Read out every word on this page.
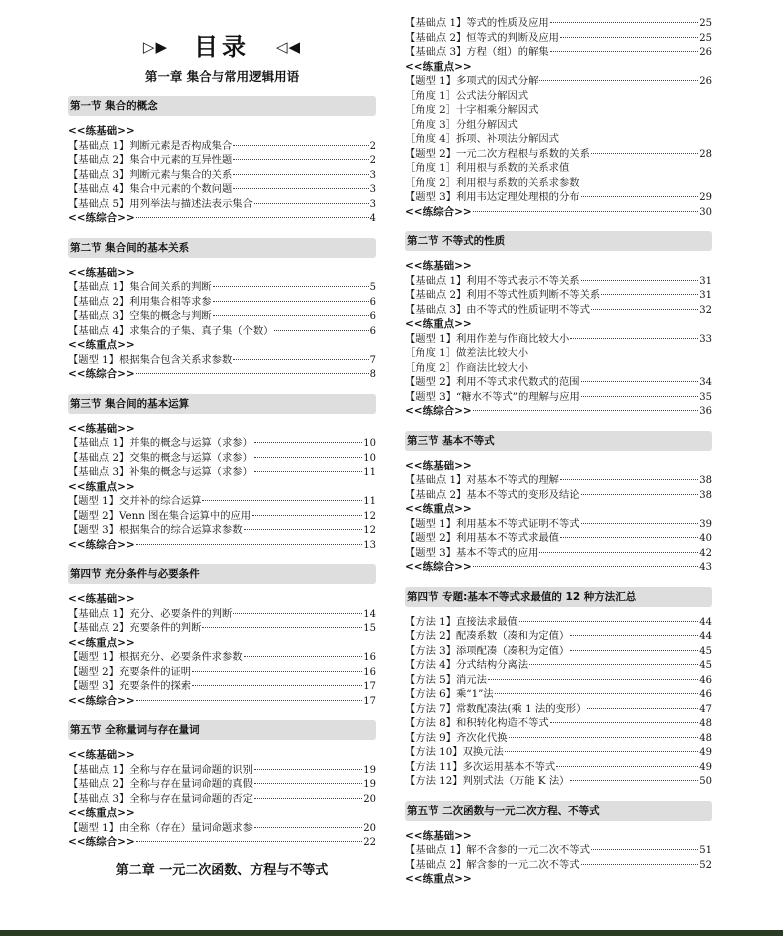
▷▶ 目录 ◁◀
第一章 集合与常用逻辑用语
第一节 集合的概念
<<练基础>>
【基础点 1】判断元素是否构成集合	2
【基础点 2】集合中元素的互异性题	2
【基础点 3】判断元素与集合的关系	3
【基础点 4】集合中元素的个数问题	3
【基础点 5】用列举法与描述法表示集合	3
<<练综合>>	4
第二节 集合间的基本关系
<<练基础>>
【基础点 1】集合间关系的判断	5
【基础点 2】利用集合相等求参	6
【基础点 3】空集的概念与判断	6
【基础点 4】求集合的子集、真子集（个数）	6
<<练重点>>
【题型 1】根据集合包含关系求参数	7
<<练综合>>	8
第三节 集合间的基本运算
<<练基础>>
【基础点 1】并集的概念与运算（求参）	10
【基础点 2】交集的概念与运算（求参）	10
【基础点 3】补集的概念与运算（求参）	11
<<练重点>>
【题型 1】交并补的综合运算	11
【题型 2】Venn 图在集合运算中的应用	12
【题型 3】根据集合的综合运算求参数	12
<<练综合>>	13
第四节 充分条件与必要条件
<<练基础>>
【基础点 1】充分、必要条件的判断	14
【基础点 2】充要条件的判断	15
<<练重点>>
【题型 1】根据充分、必要条件求参数	16
【题型 2】充要条件的证明	16
【题型 3】充要条件的探索	17
<<练综合>>	17
第五节 全称量词与存在量词
<<练基础>>
【基础点 1】全称与存在量词命题的识别	19
【基础点 2】全称与存在量词命题的真假	19
【基础点 3】全称与存在量词命题的否定	20
<<练重点>>
【题型 1】由全称（存在）量词命题求参	20
<<练综合>>	22
第二章 一元二次函数、方程与不等式
【基础点 1】等式的性质及应用	25
【基础点 2】恒等式的判断及应用	25
【基础点 3】方程（组）的解集	26
<<练重点>>
【题型 1】多项式的因式分解	26
［角度 1］公式法分解因式
［角度 2］十字相乘分解因式
［角度 3］分组分解因式
［角度 4］拆项、补项法分解因式
【题型 2】一元二次方程根与系数的关系	28
［角度 1］利用根与系数的关系求值
［角度 2］利用根与系数的关系求参数
【题型 3】利用韦达定理处理根的分布	29
<<练综合>>	30
第二节 不等式的性质
<<练基础>>
【基础点 1】利用不等式表示不等关系	31
【基础点 2】利用不等式性质判断不等关系	31
【基础点 3】由不等式的性质证明不等式	32
<<练重点>>
【题型 1】利用作差与作商比较大小	33
［角度 1］做差法比较大小
［角度 2］作商法比较大小
【题型 2】利用不等式求代数式的范围	34
【题型 3】“糖水不等式”的理解与应用	35
<<练综合>>	36
第三节 基本不等式
<<练基础>>
【基础点 1】对基本不等式的理解	38
【基础点 2】基本不等式的变形及结论	38
<<练重点>>
【题型 1】利用基本不等式证明不等式	39
【题型 2】利用基本不等式求最值	40
【题型 3】基本不等式的应用	42
<<练综合>>	43
第四节 专题:基本不等式求最值的 12 种方法汇总
【方法 1】直接法求最值	44
【方法 2】配凑系数（凑和为定值）	44
【方法 3】添项配凑（凑积为定值）	45
【方法 4】分式结构分离法	45
【方法 5】消元法	46
【方法 6】乘“1”法	46
【方法 7】常数配凑法(乘 1 法的变形）	47
【方法 8】和积转化构造不等式	48
【方法 9】齐次化代换	48
【方法 10】双换元法	49
【方法 11】多次运用基本不等式	49
【方法 12】判别式法（万能 K 法）	50
第五节 二次函数与一元二次方程、不等式
<<练基础>>
【基础点 1】解不含参的一元二次不等式	51
【基础点 2】解含参的一元二次不等式	52
<<练重点>>
